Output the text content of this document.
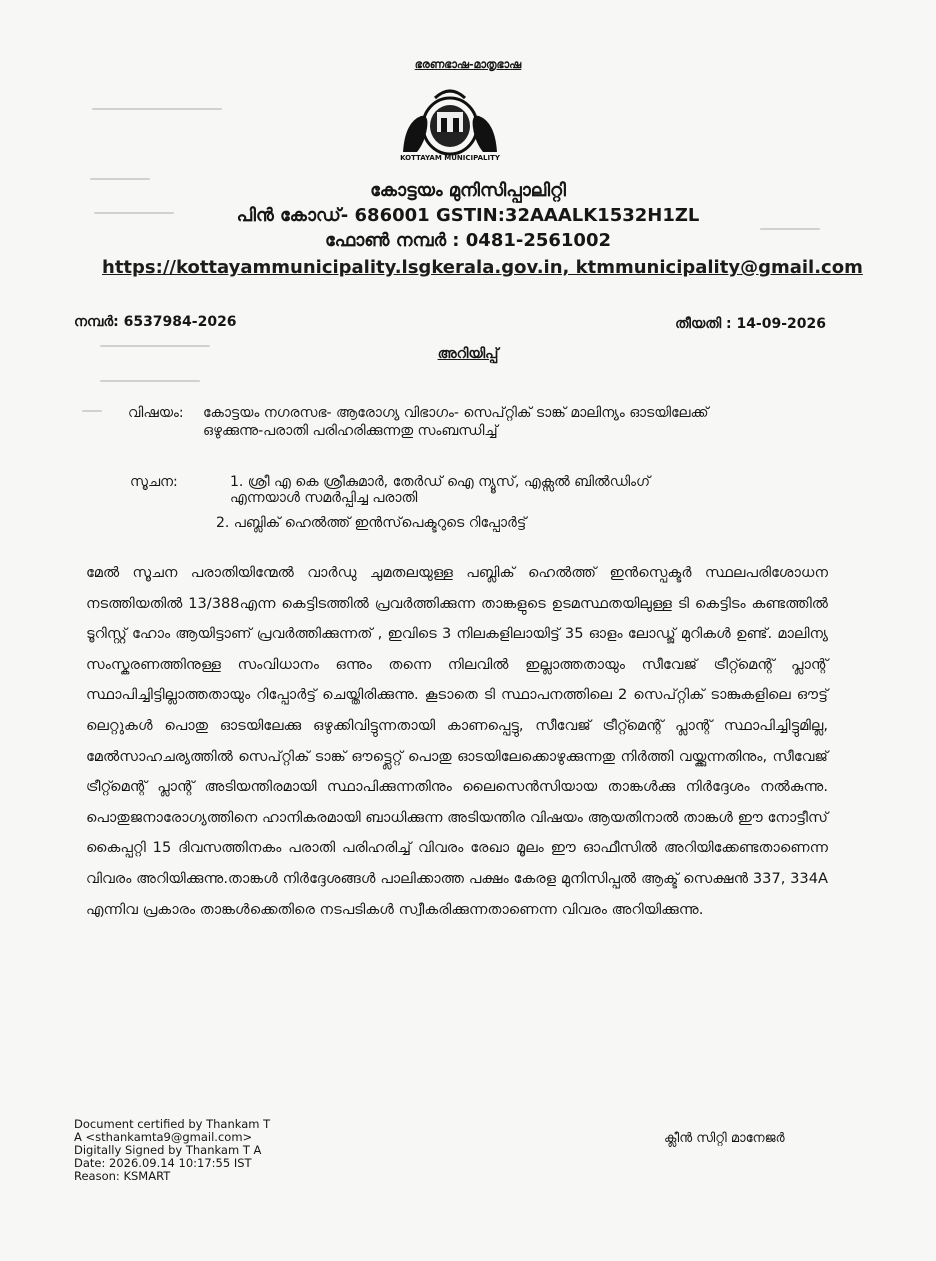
ഭരണഭാഷ-മാതൃഭാഷ
KOTTAYAM MUNICIPALITY
കോട്ടയം മുനിസിപ്പാലിറ്റി
പിൻ കോഡ്- 686001 GSTIN:32AAALK1532H1ZL
ഫോൺ നമ്പർ : 0481-2561002
https://kottayammunicipality.lsgkerala.gov.in, ktmmunicipality@gmail.com
നമ്പർ: 6537984-2026	തീയതി : 14-09-2026
അറിയിപ്പ്
വിഷയം: കോട്ടയം നഗരസഭ- ആരോഗ്യ വിഭാഗം- സെപ്റ്റിക് ടാങ്ക് മാലിന്യം ഓടയിലേക്ക്
ഒഴുക്കുന്നു-പരാതി പരിഹരിക്കുന്നതു സംബന്ധിച്ച്
സൂചന:	1. ശ്രീ എ കെ ശ്രീകുമാർ, തേർഡ് ഐ ന്യൂസ്, എക്സൽ ബിൽഡിംഗ്
എന്നയാൾ സമർപ്പിച്ച പരാതി
2. പബ്ലിക് ഹെൽത്ത് ഇൻസ്‌പെക്ടറുടെ റിപ്പോർട്ട്
മേൽ സൂചന പരാതിയിന്മേൽ വാർഡു ചുമതലയുള്ള പബ്ലിക് ഹെൽത്ത് ഇൻസ്പെക്ടർ സ്ഥലപരിശോധന നടത്തിയതിൽ 13/388എന്ന കെട്ടിടത്തിൽ പ്രവർത്തിക്കുന്ന താങ്കളുടെ ഉടമസ്ഥതയിലുള്ള ടി കെട്ടിടം കണ്ടത്തിൽ ടൂറിസ്റ്റ് ഹോം ആയിട്ടാണ് പ്രവർത്തിക്കുന്നത് , ഇവിടെ 3 നിലകളിലായിട്ട് 35 ഓളം ലോഡ്ജ് മുറികൾ ഉണ്ട്. മാലിന്യ സംസ്കരണത്തിനുള്ള സംവിധാനം ഒന്നും തന്നെ നിലവിൽ ഇല്ലാത്തതായും സീവേജ് ട്രീറ്റ്മെന്റ് പ്ലാന്റ് സ്ഥാപിച്ചിട്ടില്ലാത്തതായും റിപ്പോർട്ട് ചെയ്തിരിക്കുന്നു. കൂടാതെ ടി സ്ഥാപനത്തിലെ 2 സെപ്റ്റിക് ടാങ്കുകളിലെ ഔട്ട് ലെറ്റുകൾ പൊതു ഓടയിലേക്കു ഒഴുക്കിവിട്ടുന്നതായി കാണപ്പെട്ടു, സീവേജ് ട്രീറ്റ്മെന്റ് പ്ലാന്റ് സ്ഥാപിച്ചിട്ടുമില്ല, മേൽസാഹചര്യത്തിൽ സെപ്റ്റിക് ടാങ്ക് ഔട്ട്ലെറ്റ് പൊതു ഓടയിലേക്കൊഴുക്കുന്നതു നിർത്തി വയ്ക്കുന്നതിനും, സീവേജ് ട്രീറ്റ്മെന്റ് പ്ലാന്റ് അടിയന്തിരമായി സ്ഥാപിക്കുന്നതിനും ലൈസെൻസിയായ താങ്കൾക്കു നിർദ്ദേശം നൽകുന്നു. പൊതുജനാരോഗ്യത്തിനെ ഹാനികരമായി ബാധിക്കുന്ന അടിയന്തിര വിഷയം ആയതിനാൽ താങ്കൾ ഈ നോട്ടീസ് കൈപ്പറ്റി 15 ദിവസത്തിനകം പരാതി പരിഹരിച്ച് വിവരം രേഖാ മൂലം ഈ ഓഫീസിൽ അറിയിക്കേണ്ടതാണെന്ന വിവരം അറിയിക്കുന്നു.താങ്കൾ നിർദ്ദേശങ്ങൾ പാലിക്കാത്ത പക്ഷം കേരള മുനിസിപ്പൽ ആക്ട് സെക്ഷൻ 337, 334A എന്നിവ പ്രകാരം താങ്കൾക്കെതിരെ നടപടികൾ സ്വീകരിക്കുന്നതാണെന്ന വിവരം അറിയിക്കുന്നു.
Document certified by Thankam T
A <sthankamta9@gmail.com>
Digitally Signed by Thankam T A
Date: 2026.09.14 10:17:55 IST
Reason: KSMART
ക്ലീൻ സിറ്റി മാനേജർ
